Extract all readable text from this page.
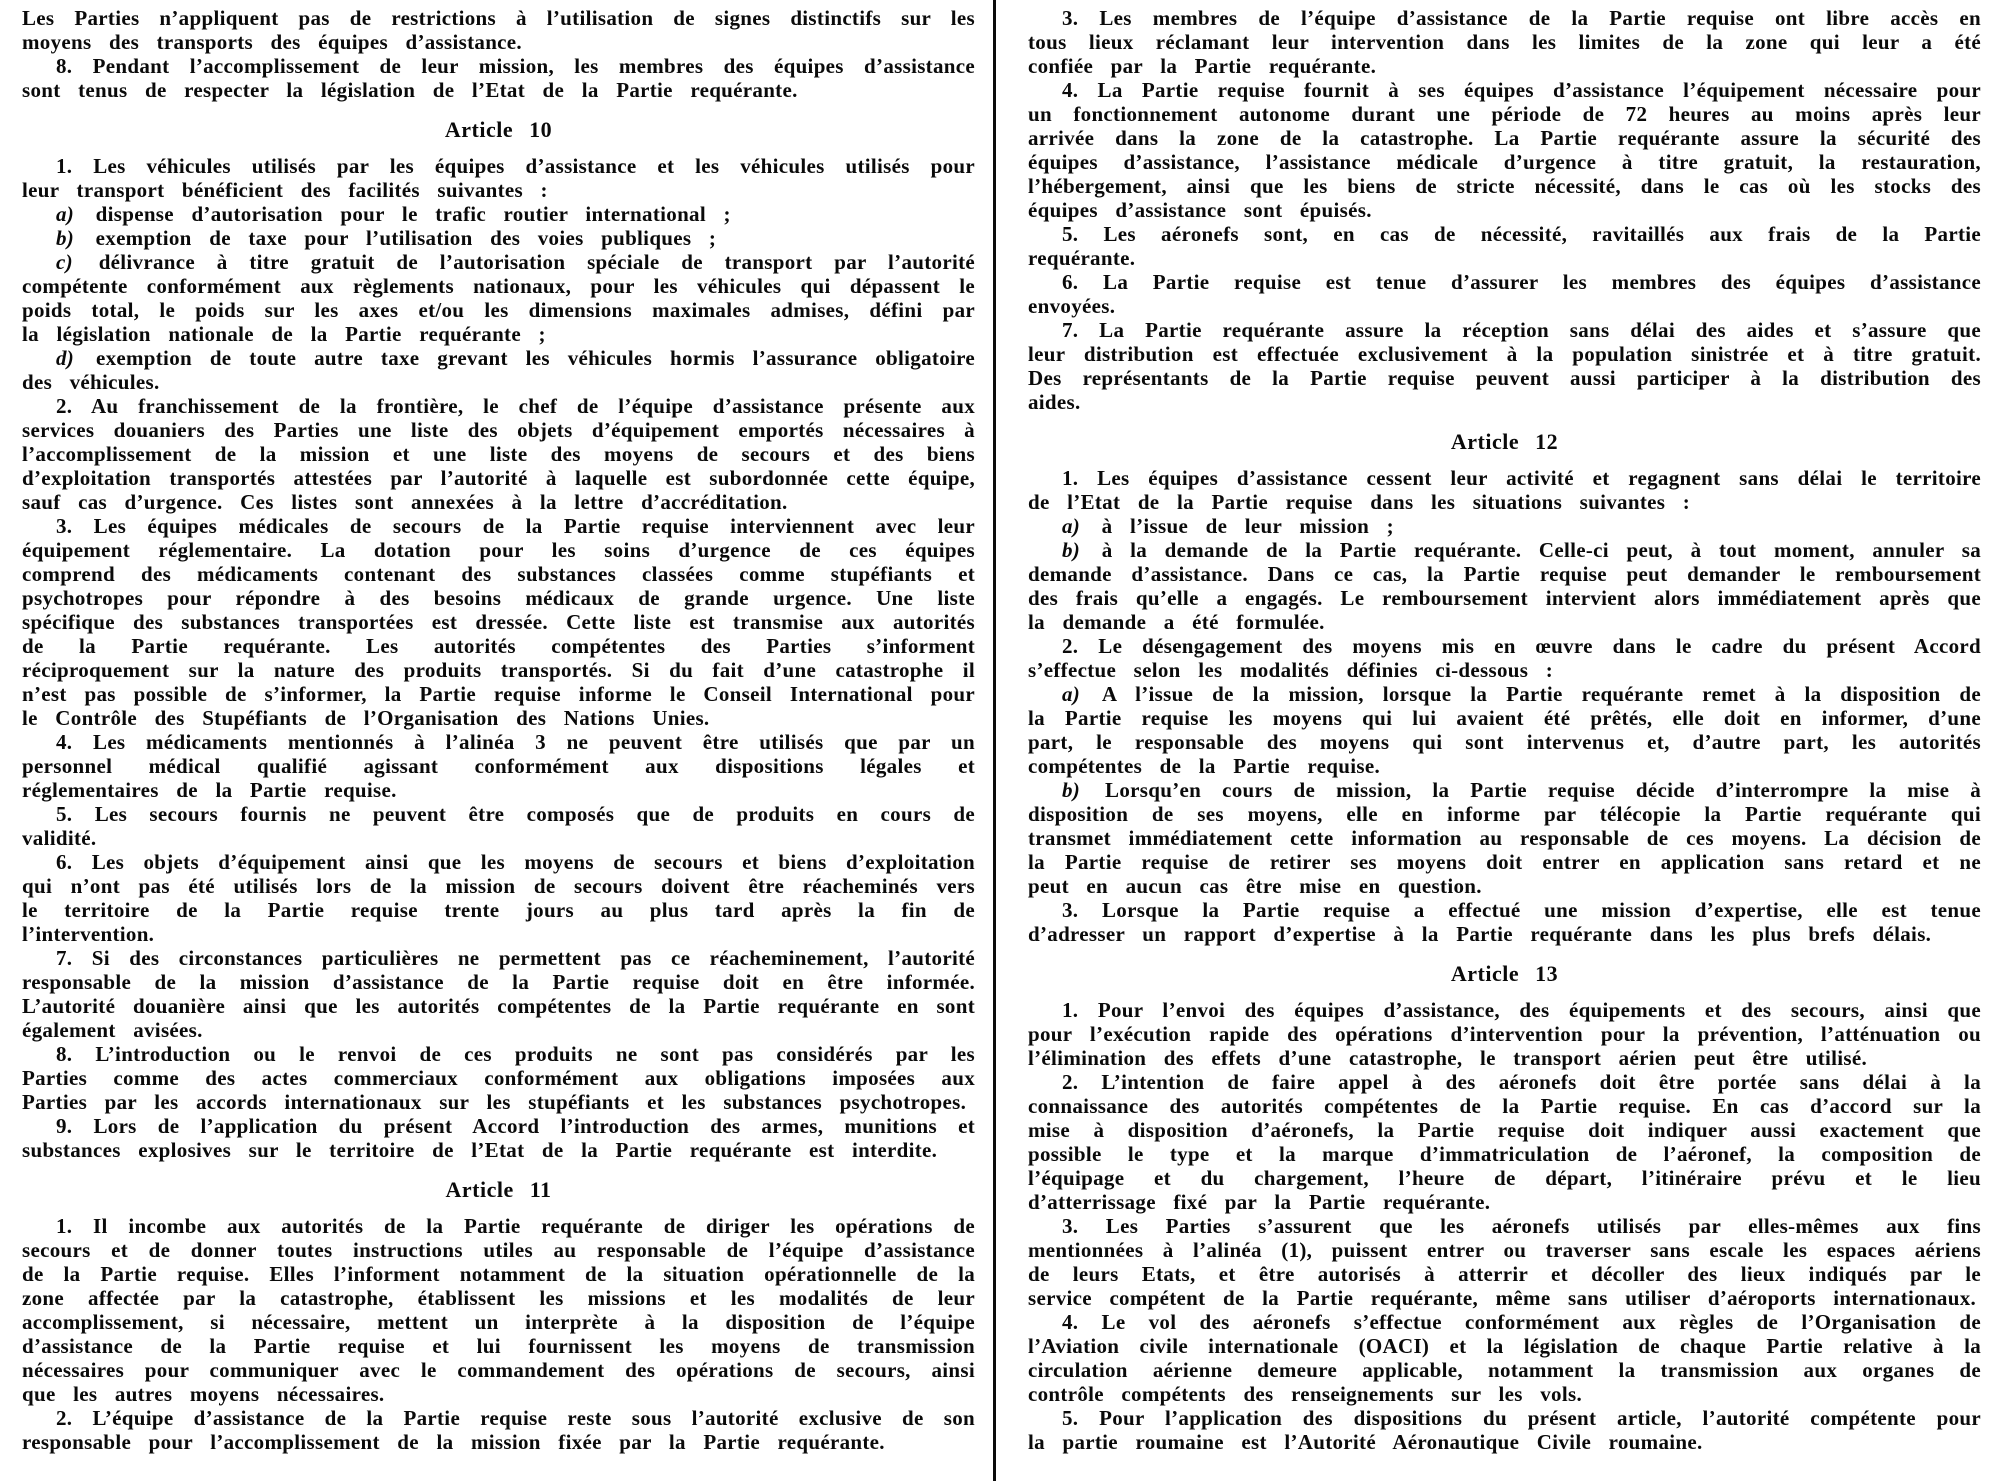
Les Parties n’appliquent pas de restrictions à l’utilisation de signes distinctifs sur les moyens des transports des équipes d’assistance.

8. Pendant l’accomplissement de leur mission, les membres des équipes d’assistance sont tenus de respecter la législation de l’Etat de la Partie requérante.

Article 10

1. Les véhicules utilisés par les équipes d’assistance et les véhicules utilisés pour leur transport bénéficient des facilités suivantes :

a) dispense d’autorisation pour le trafic routier international ;

b) exemption de taxe pour l’utilisation des voies publiques ;

c) délivrance à titre gratuit de l’autorisation spéciale de transport par l’autorité compétente conformément aux règlements nationaux, pour les véhicules qui dépassent le poids total, le poids sur les axes et/ou les dimensions maximales admises, défini par la législation nationale de la Partie requérante ;

d) exemption de toute autre taxe grevant les véhicules hormis l’assurance obligatoire des véhicules.

2. Au franchissement de la frontière, le chef de l’équipe d’assistance présente aux services douaniers des Parties une liste des objets d’équipement emportés nécessaires à l’accomplissement de la mission et une liste des moyens de secours et des biens d’exploitation transportés attestées par l’autorité à laquelle est subordonnée cette équipe, sauf cas d’urgence. Ces listes sont annexées à la lettre d’accréditation.

3. Les équipes médicales de secours de la Partie requise interviennent avec leur équipement réglementaire. La dotation pour les soins d’urgence de ces équipes comprend des médicaments contenant des substances classées comme stupéfiants et psychotropes pour répondre à des besoins médicaux de grande urgence. Une liste spécifique des substances transportées est dressée. Cette liste est transmise aux autorités de la Partie requérante. Les autorités compétentes des Parties s’informent réciproquement sur la nature des produits transportés. Si du fait d’une catastrophe il n’est pas possible de s’informer, la Partie requise informe le Conseil International pour le Contrôle des Stupéfiants de l’Organisation des Nations Unies.

4. Les médicaments mentionnés à l’alinéa 3 ne peuvent être utilisés que par un personnel médical qualifié agissant conformément aux dispositions légales et réglementaires de la Partie requise.

5. Les secours fournis ne peuvent être composés que de produits en cours de validité.

6. Les objets d’équipement ainsi que les moyens de secours et biens d’exploitation qui n’ont pas été utilisés lors de la mission de secours doivent être réacheminés vers le territoire de la Partie requise trente jours au plus tard après la fin de l’intervention.

7. Si des circonstances particulières ne permettent pas ce réacheminement, l’autorité responsable de la mission d’assistance de la Partie requise doit en être informée. L’autorité douanière ainsi que les autorités compétentes de la Partie requérante en sont également avisées.

8. L’introduction ou le renvoi de ces produits ne sont pas considérés par les Parties comme des actes commerciaux conformément aux obligations imposées aux Parties par les accords internationaux sur les stupéfiants et les substances psychotropes.

9. Lors de l’application du présent Accord l’introduction des armes, munitions et substances explosives sur le territoire de l’Etat de la Partie requérante est interdite.

Article 11

1. Il incombe aux autorités de la Partie requérante de diriger les opérations de secours et de donner toutes instructions utiles au responsable de l’équipe d’assistance de la Partie requise. Elles l’informent notamment de la situation opérationnelle de la zone affectée par la catastrophe, établissent les missions et les modalités de leur accomplissement, si nécessaire, mettent un interprète à la disposition de l’équipe d’assistance de la Partie requise et lui fournissent les moyens de transmission nécessaires pour communiquer avec le commandement des opérations de secours, ainsi que les autres moyens nécessaires.

2. L’équipe d’assistance de la Partie requise reste sous l’autorité exclusive de son responsable pour l’accomplissement de la mission fixée par la Partie requérante.

3. Les membres de l’équipe d’assistance de la Partie requise ont libre accès en tous lieux réclamant leur intervention dans les limites de la zone qui leur a été confiée par la Partie requérante.

4. La Partie requise fournit à ses équipes d’assistance l’équipement nécessaire pour un fonctionnement autonome durant une période de 72 heures au moins après leur arrivée dans la zone de la catastrophe. La Partie requérante assure la sécurité des équipes d’assistance, l’assistance médicale d’urgence à titre gratuit, la restauration, l’hébergement, ainsi que les biens de stricte nécessité, dans le cas où les stocks des équipes d’assistance sont épuisés.

5. Les aéronefs sont, en cas de nécessité, ravitaillés aux frais de la Partie requérante.

6. La Partie requise est tenue d’assurer les membres des équipes d’assistance envoyées.

7. La Partie requérante assure la réception sans délai des aides et s’assure que leur distribution est effectuée exclusivement à la population sinistrée et à titre gratuit. Des représentants de la Partie requise peuvent aussi participer à la distribution des aides.

Article 12

1. Les équipes d’assistance cessent leur activité et regagnent sans délai le territoire de l’Etat de la Partie requise dans les situations suivantes :

a) à l’issue de leur mission ;

b) à la demande de la Partie requérante. Celle-ci peut, à tout moment, annuler sa demande d’assistance. Dans ce cas, la Partie requise peut demander le remboursement des frais qu’elle a engagés. Le remboursement intervient alors immédiatement après que la demande a été formulée.

2. Le désengagement des moyens mis en œuvre dans le cadre du présent Accord s’effectue selon les modalités définies ci-dessous :

a) A l’issue de la mission, lorsque la Partie requérante remet à la disposition de la Partie requise les moyens qui lui avaient été prêtés, elle doit en informer, d’une part, le responsable des moyens qui sont intervenus et, d’autre part, les autorités compétentes de la Partie requise.

b) Lorsqu’en cours de mission, la Partie requise décide d’interrompre la mise à disposition de ses moyens, elle en informe par télécopie la Partie requérante qui transmet immédiatement cette information au responsable de ces moyens. La décision de la Partie requise de retirer ses moyens doit entrer en application sans retard et ne peut en aucun cas être mise en question.

3. Lorsque la Partie requise a effectué une mission d’expertise, elle est tenue d’adresser un rapport d’expertise à la Partie requérante dans les plus brefs délais.

Article 13

1. Pour l’envoi des équipes d’assistance, des équipements et des secours, ainsi que pour l’exécution rapide des opérations d’intervention pour la prévention, l’atténuation ou l’élimination des effets d’une catastrophe, le transport aérien peut être utilisé.

2. L’intention de faire appel à des aéronefs doit être portée sans délai à la connaissance des autorités compétentes de la Partie requise. En cas d’accord sur la mise à disposition d’aéronefs, la Partie requise doit indiquer aussi exactement que possible le type et la marque d’immatriculation de l’aéronef, la composition de l’équipage et du chargement, l’heure de départ, l’itinéraire prévu et le lieu d’atterrissage fixé par la Partie requérante.

3. Les Parties s’assurent que les aéronefs utilisés par elles-mêmes aux fins mentionnées à l’alinéa (1), puissent entrer ou traverser sans escale les espaces aériens de leurs Etats, et être autorisés à atterrir et décoller des lieux indiqués par le service compétent de la Partie requérante, même sans utiliser d’aéroports internationaux.

4. Le vol des aéronefs s’effectue conformément aux règles de l’Organisation de l’Aviation civile internationale (OACI) et la législation de chaque Partie relative à la circulation aérienne demeure applicable, notamment la transmission aux organes de contrôle compétents des renseignements sur les vols.

5. Pour l’application des dispositions du présent article, l’autorité compétente pour la partie roumaine est l’Autorité Aéronautique Civile roumaine.
